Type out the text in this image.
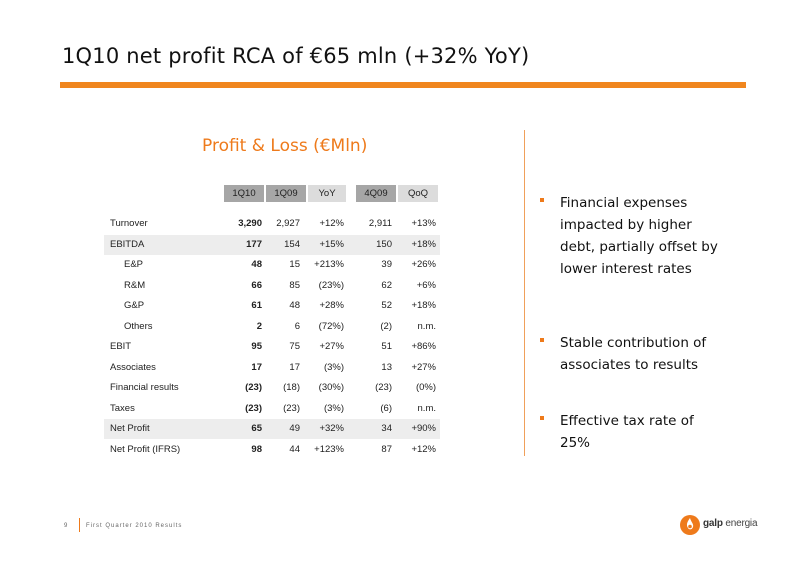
1Q10 net profit RCA of €65 mln (+32% YoY)
Profit & Loss (€Mln)
1Q10	1Q09	YoY	4Q09	QoQ
Turnover	3,290	2,927	+12%	2,911	+13%
EBITDA	177	154	+15%	150	+18%
E&P	48	15	+213%	39	+26%
R&M	66	85	(23%)	62	+6%
G&P	61	48	+28%	52	+18%
Others	2	6	(72%)	(2)	n.m.
EBIT	95	75	+27%	51	+86%
Associates	17	17	(3%)	13	+27%
Financial results	(23)	(18)	(30%)	(23)	(0%)
Taxes	(23)	(23)	(3%)	(6)	n.m.
Net Profit	65	49	+32%	34	+90%
Net Profit (IFRS)	98	44	+123%	87	+12%
Financial expenses impacted by higher debt, partially offset by lower interest rates
Stable contribution of associates to results
Effective tax rate of 25%
9	First Quarter 2010 Results	galp energia
